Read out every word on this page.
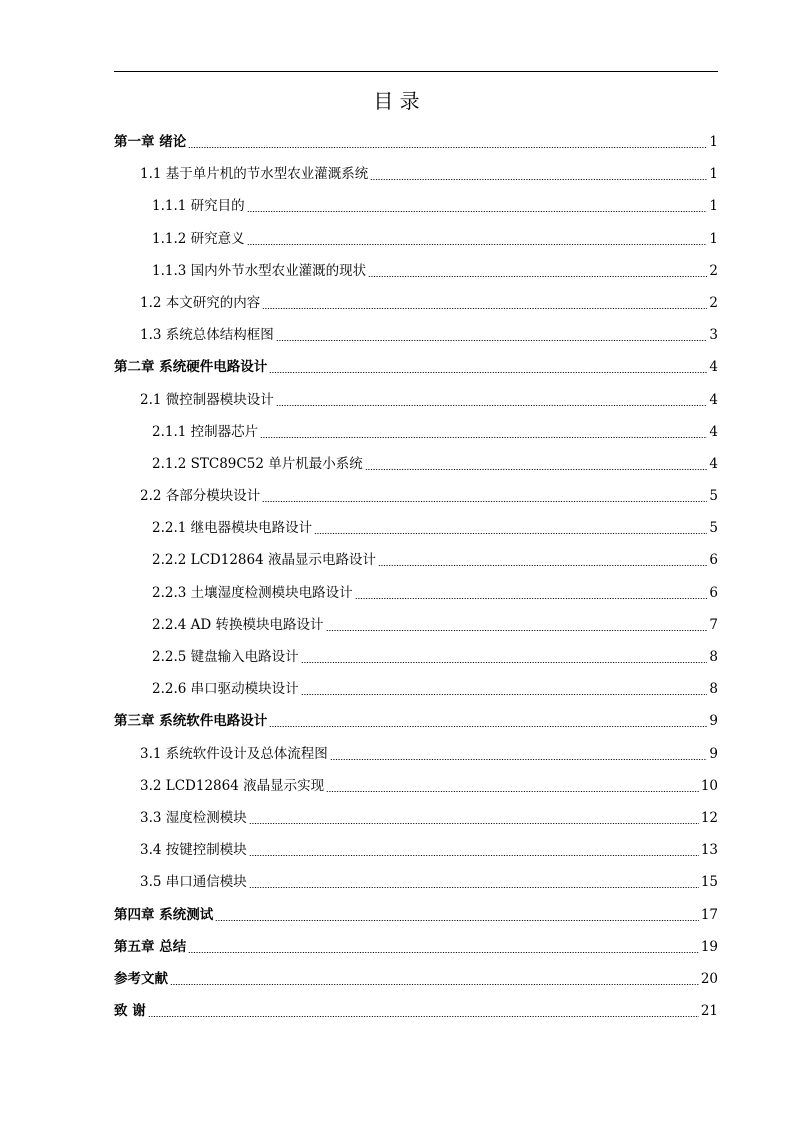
目 录
第一章 绪论	1
1.1 基于单片机的节水型农业灌溉系统	1
1.1.1 研究目的	1
1.1.2 研究意义	1
1.1.3 国内外节水型农业灌溉的现状	2
1.2 本文研究的内容	2
1.3 系统总体结构框图	3
第二章 系统硬件电路设计	4
2.1 微控制器模块设计	4
2.1.1 控制器芯片	4
2.1.2 STC89C52 单片机最小系统	4
2.2 各部分模块设计	5
2.2.1 继电器模块电路设计	5
2.2.2 LCD12864 液晶显示电路设计	6
2.2.3 土壤湿度检测模块电路设计	6
2.2.4 AD 转换模块电路设计	7
2.2.5 键盘输入电路设计	8
2.2.6 串口驱动模块设计	8
第三章 系统软件电路设计	9
3.1 系统软件设计及总体流程图	9
3.2 LCD12864 液晶显示实现	10
3.3 湿度检测模块	12
3.4 按键控制模块	13
3.5 串口通信模块	15
第四章 系统测试	17
第五章 总结	19
参考文献	20
致 谢	21
